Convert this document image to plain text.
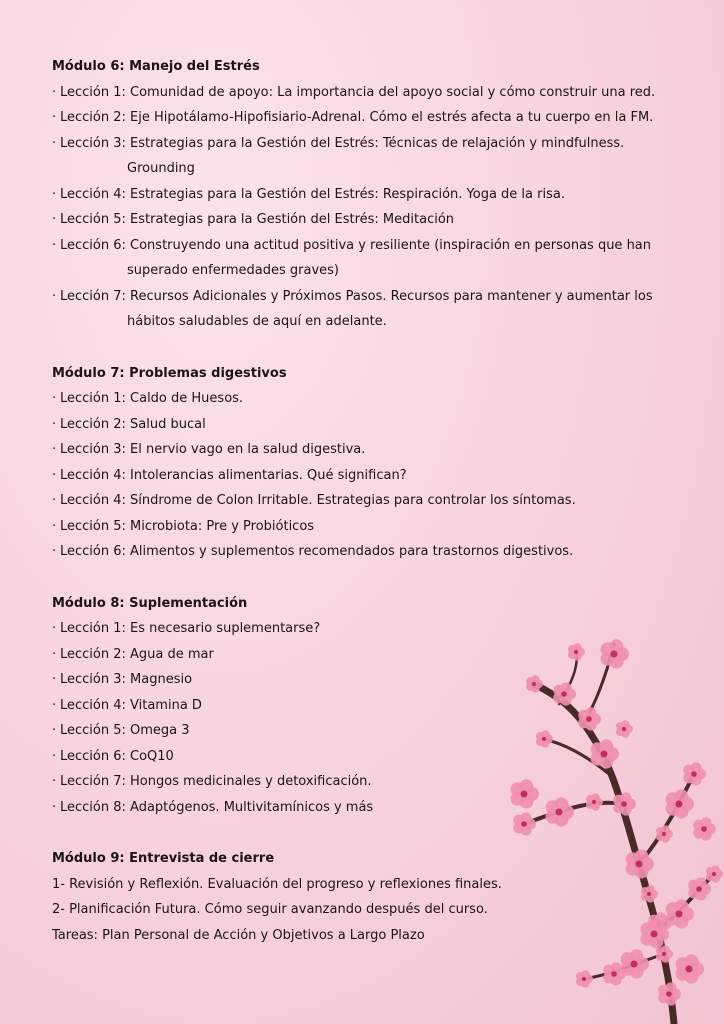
Módulo 6: Manejo del Estrés
· Lección 1: Comunidad de apoyo: La importancia del apoyo social y cómo construir una red.
· Lección 2: Eje Hipotálamo-Hipofisiario-Adrenal. Cómo el estrés afecta a tu cuerpo en la FM.
· Lección 3: Estrategias para la Gestión del Estrés: Técnicas de relajación y mindfulness.
Grounding
· Lección 4: Estrategias para la Gestión del Estrés: Respiración. Yoga de la risa.
· Lección 5: Estrategias para la Gestión del Estrés: Meditación
· Lección 6: Construyendo una actitud positiva y resiliente (inspiración en personas que han
superado enfermedades graves)
· Lección 7: Recursos Adicionales y Próximos Pasos. Recursos para mantener y aumentar los
hábitos saludables de aquí en adelante.
Módulo 7: Problemas digestivos
· Lección 1: Caldo de Huesos.
· Lección 2: Salud bucal
· Lección 3: El nervio vago en la salud digestiva.
· Lección 4: Intolerancias alimentarias. Qué significan?
· Lección 4: Síndrome de Colon Irritable. Estrategias para controlar los síntomas.
· Lección 5: Microbiota: Pre y Probióticos
· Lección 6: Alimentos y suplementos recomendados para trastornos digestivos.
Módulo 8: Suplementación
· Lección 1: Es necesario suplementarse?
· Lección 2: Agua de mar
· Lección 3: Magnesio
· Lección 4: Vitamina D
· Lección 5: Omega 3
· Lección 6: CoQ10
· Lección 7: Hongos medicinales y detoxificación.
· Lección 8: Adaptógenos. Multivitamínicos y más
Módulo 9: Entrevista de cierre
1- Revisión y Reflexión. Evaluación del progreso y reflexiones finales.
2- Planificación Futura. Cómo seguir avanzando después del curso.
Tareas: Plan Personal de Acción y Objetivos a Largo Plazo
